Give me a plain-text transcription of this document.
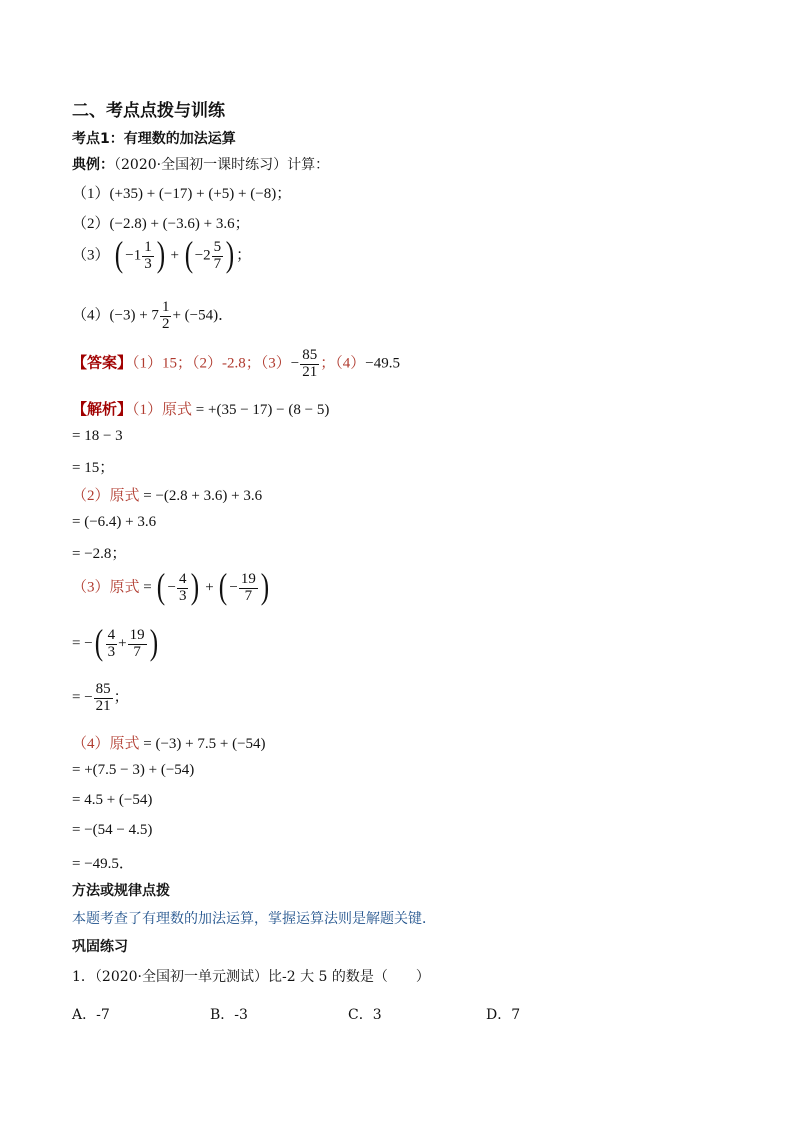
二、考点点拨与训练
考点1：有理数的加法运算
典例：（2020·全国初一课时练习）计算：
（1）(+35) + (−17) + (+5) + (−8)；
（2）(−2.8) + (−3.6) + 3.6；
（3） ( $-1 \frac{1}{3}$ ) + ( $-2 \frac{5}{7}$ ) ；
$(4)(-3) + 7 \frac{1}{2} + (-54)$．
【答案】（1）15；（2）-2.8；$(3)- \frac{85}{21}$ ；（4）−49.5
【解析】（1）原式 = +(35 − 17) − (8 − 5)
= 18 − 3
= 15；
（2）原式 = −(2.8 + 3.6) + 3.6
= (−6.4) + 3.6
= −2.8；
（3）原式 = ( − $\frac{4}{3}$ ) + ( − $\frac{19}{7}$ )
= −( $\frac{4}{3} + \frac{19}{7}$ )
= − $\frac{85}{21}$ ；
（4）原式 = (−3) + 7.5 + (−54)
= +(7.5 − 3) + (−54)
= 4.5 + (−54)
= −(54 − 4.5)
= −49.5．
方法或规律点拨
本题考查了有理数的加法运算，掌握运算法则是解题关键．
巩固练习
1．（2020·全国初一单元测试）比-2 大 5 的数是（　　）
A．-7	B．-3	C．3	D．7
